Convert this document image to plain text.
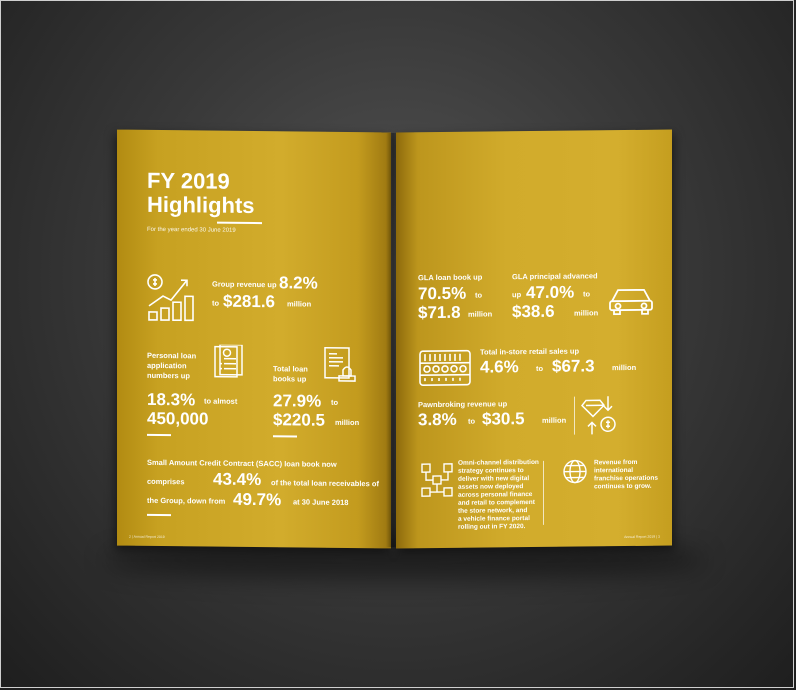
FY 2019
Highlights
For the year ended 30 June 2019
Group revenue up 8.2%
to $281.6 million
Personal loan
application
numbers up
18.3% to almost
450,000
Total loan
books up
27.9% to
$220.5 million
Small Amount Credit Contract (SACC) loan book now
comprises 43.4% of the total loan receivables of
the Group, down from 49.7% at 30 June 2018
2 | Annual Report 2019
GLA loan book up
70.5% to
$71.8 million
GLA principal advanced
up 47.0% to
$38.6	million
Total in-store retail sales up
4.6% to $67.3 million
Pawnbroking revenue up
3.8% to $30.5 million
Omni-channel distribution
strategy continues to
deliver with new digital
assets now deployed
across personal finance
and retail to complement
the store network, and
a vehicle finance portal
rolling out in FY 2020.
Revenue from
international
franchise operations
continues to grow.
Annual Report 2019 | 3
